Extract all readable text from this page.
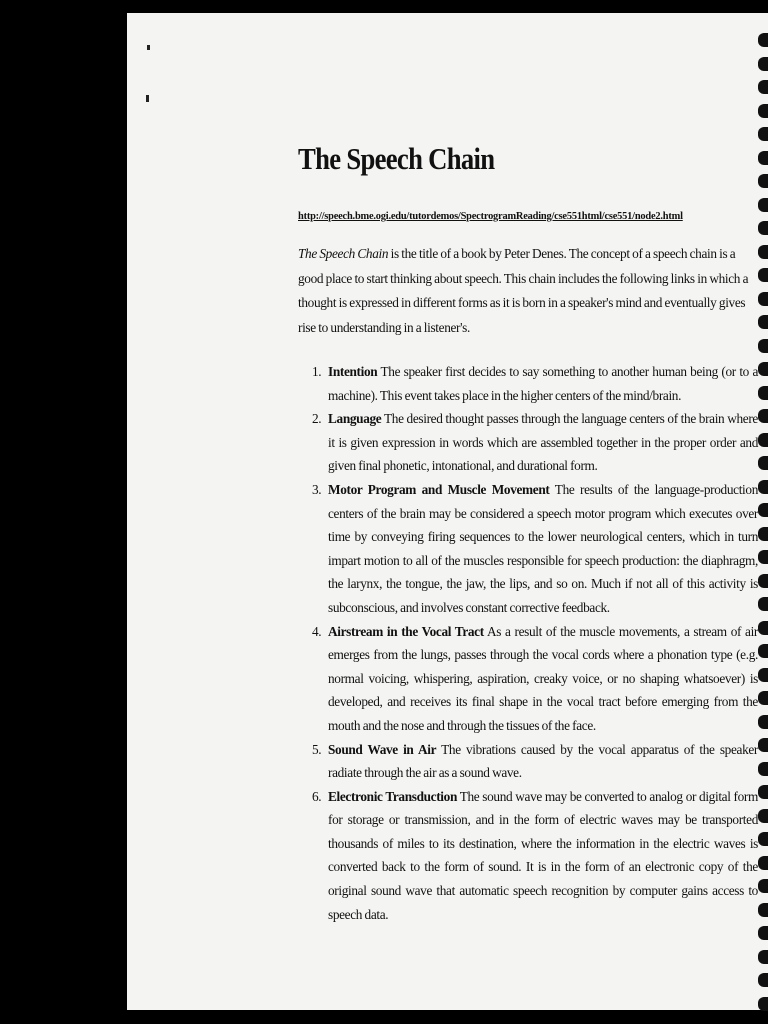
The Speech Chain
http://speech.bme.ogi.edu/tutordemos/SpectrogramReading/cse551html/cse551/node2.html

The Speech Chain is the title of a book by Peter Denes. The concept of a speech chain is a good place to start thinking about speech. This chain includes the following links in which a thought is expressed in different forms as it is born in a speaker's mind and eventually gives rise to understanding in a listener's.

1. Intention The speaker first decides to say something to another human being (or to a machine). This event takes place in the higher centers of the mind/brain.
2. Language The desired thought passes through the language centers of the brain where it is given expression in words which are assembled together in the proper order and given final phonetic, intonational, and durational form.
3. Motor Program and Muscle Movement The results of the language-production centers of the brain may be considered a speech motor program which executes over time by conveying firing sequences to the lower neurological centers, which in turn impart motion to all of the muscles responsible for speech production: the diaphragm, the larynx, the tongue, the jaw, the lips, and so on. Much if not all of this activity is subconscious, and involves constant corrective feedback.
4. Airstream in the Vocal Tract As a result of the muscle movements, a stream of air emerges from the lungs, passes through the vocal cords where a phonation type (e.g. normal voicing, whispering, aspiration, creaky voice, or no shaping whatsoever) is developed, and receives its final shape in the vocal tract before emerging from the mouth and the nose and through the tissues of the face.
5. Sound Wave in Air The vibrations caused by the vocal apparatus of the speaker radiate through the air as a sound wave.
6. Electronic Transduction The sound wave may be converted to analog or digital form for storage or transmission, and in the form of electric waves may be transported thousands of miles to its destination, where the information in the electric waves is converted back to the form of sound. It is in the form of an electronic copy of the original sound wave that automatic speech recognition by computer gains access to speech data.
